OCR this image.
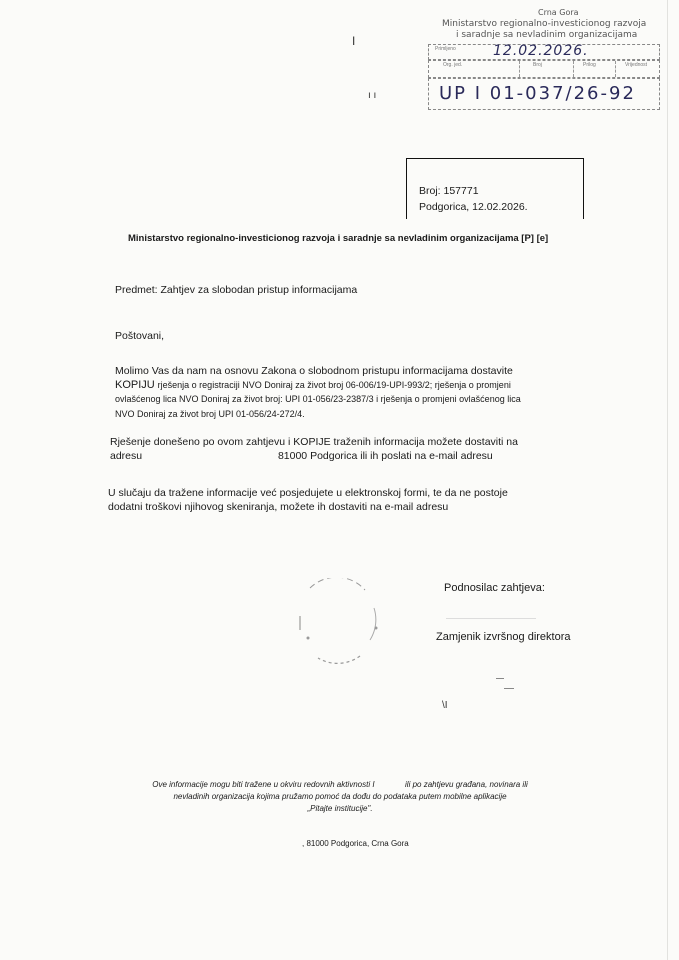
Crna Gora
Ministarstvo regionalno-investicionog razvoja
i saradnje sa nevladinim organizacijama
Primljeno	12.02.2026.
Org. jed.	Broj	Prilog	Vrijednost
UP I 01-037/26-92
I
ı ı
Broj: 157771
Podgorica, 12.02.2026.
Ministarstvo regionalno-investicionog razvoja i saradnje sa nevladinim organizacijama [P] [e]
Predmet: Zahtjev za slobodan pristup informacijama
Poštovani,
Molimo Vas da nam na osnovu Zakona o slobodnom pristupu informacijama dostavite
KOPIJU rješenja o registraciji NVO Doniraj za život broj 06-006/19-UPI-993/2; rješenja o promjeni
ovlašćenog lica NVO Doniraj za život broj: UPI 01-056/23-2387/3 i rješenja o promjeni ovlašćenog lica
NVO Doniraj za život broj UPI 01-056/24-272/4.
Rješenje donešeno po ovom zahtjevu i KOPIJE traženih informacija možete dostaviti na
adresu	81000 Podgorica ili ih poslati na e-mail adresu
U slučaju da tražene informacije već posjedujete u elektronskoj formi, te da ne postoje
dodatni troškovi njihovog skeniranja, možete ih dostaviti na e-mail adresu
Podnosilac zahtjeva:
Zamjenik izvršnog direktora
\I
Ove informacije mogu biti tražene u okviru redovnih aktivnosti I	ili po zahtjevu građana, novinara ili
nevladinih organizacija kojima pružamo pomoć da dođu do podataka putem mobilne aplikacije
„Pitajte institucije".
, 81000 Podgorica, Crna Gora
